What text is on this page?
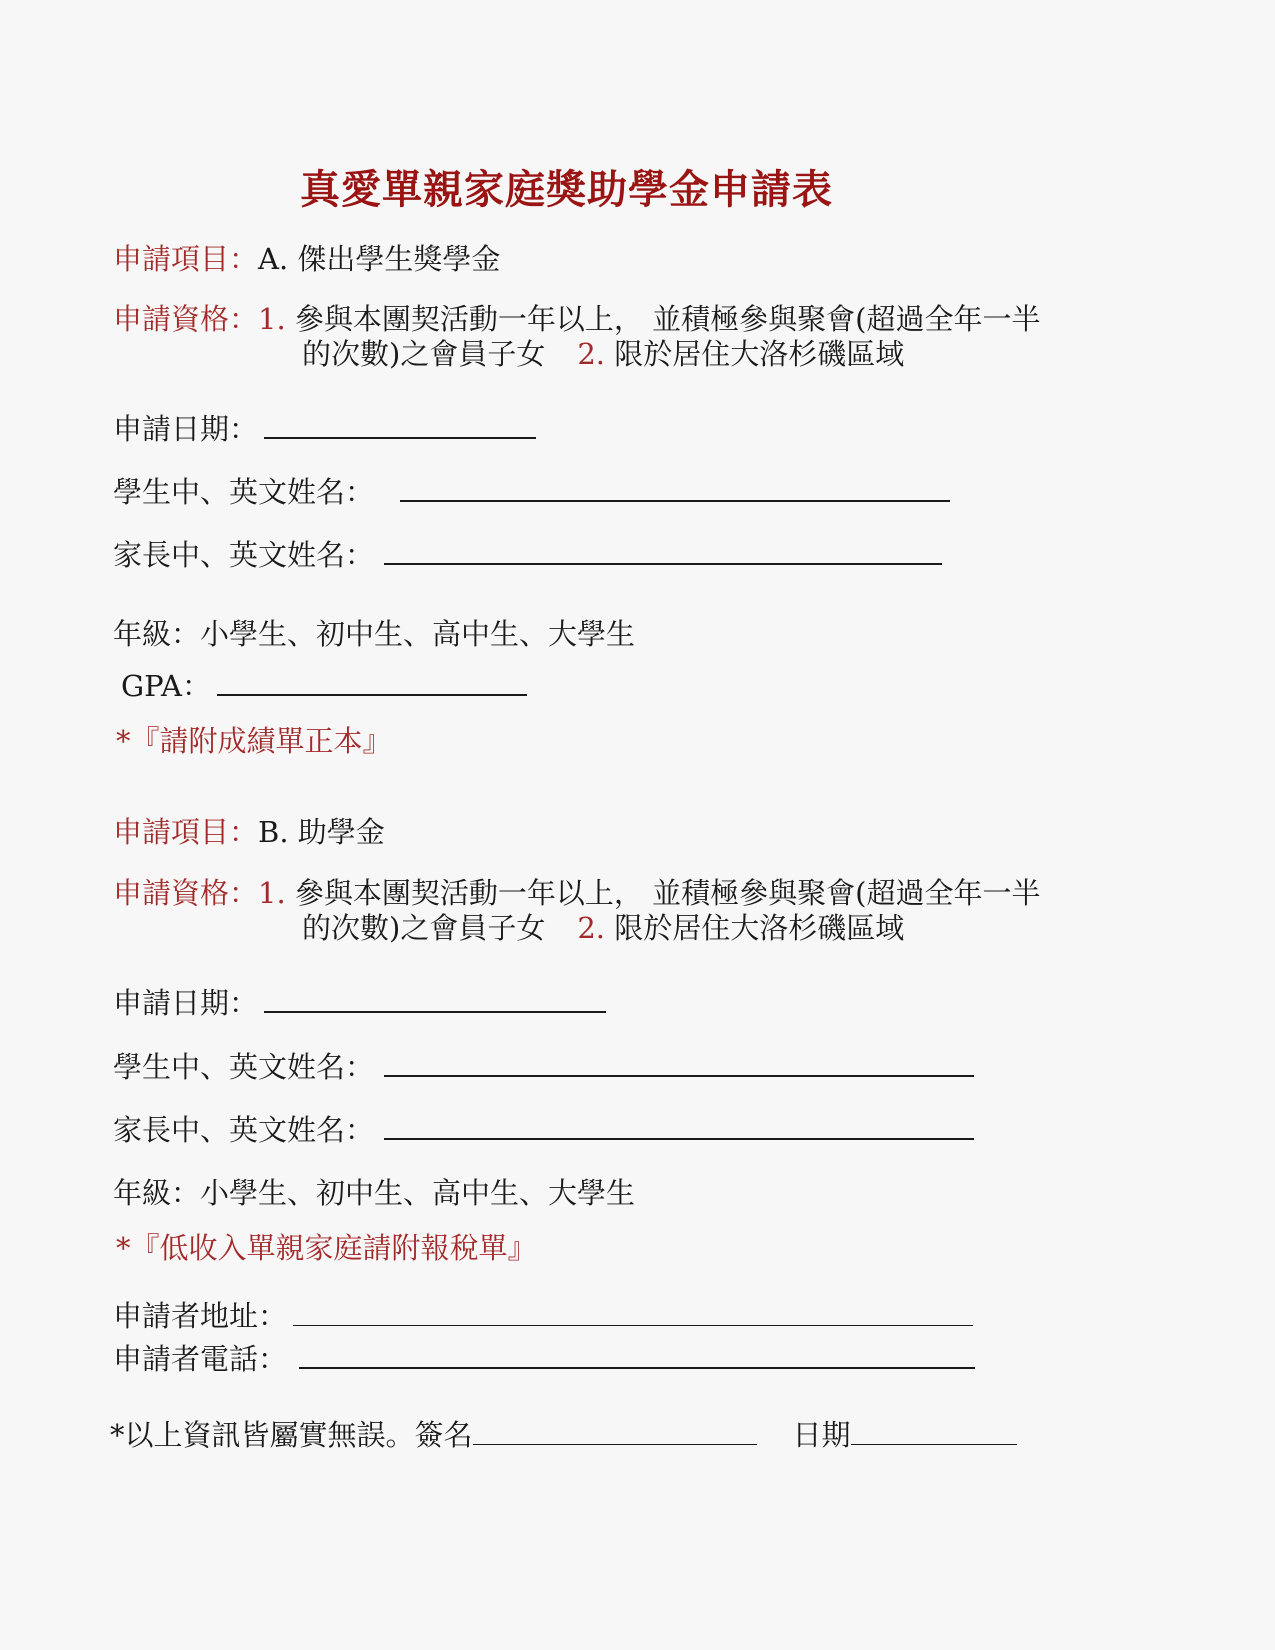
真愛單親家庭獎助學金申請表
申請項目：A. 傑出學生獎學金
申請資格：1. 參與本團契活動一年以上， 並積極參與聚會(超過全年一半
的次數)之會員子女 2. 限於居住大洛杉磯區域
申請日期：
學生中、英文姓名：
家長中、英文姓名：
年級：小學生、初中生、高中生、大學生
GPA：
*『請附成績單正本』
申請項目：B. 助學金
申請資格：1. 參與本團契活動一年以上， 並積極參與聚會(超過全年一半
的次數)之會員子女 2. 限於居住大洛杉磯區域
申請日期：
學生中、英文姓名：
家長中、英文姓名：
年級：小學生、初中生、高中生、大學生
*『低收入單親家庭請附報稅單』
申請者地址：
申請者電話：
*以上資訊皆屬實無誤。簽名	日期
